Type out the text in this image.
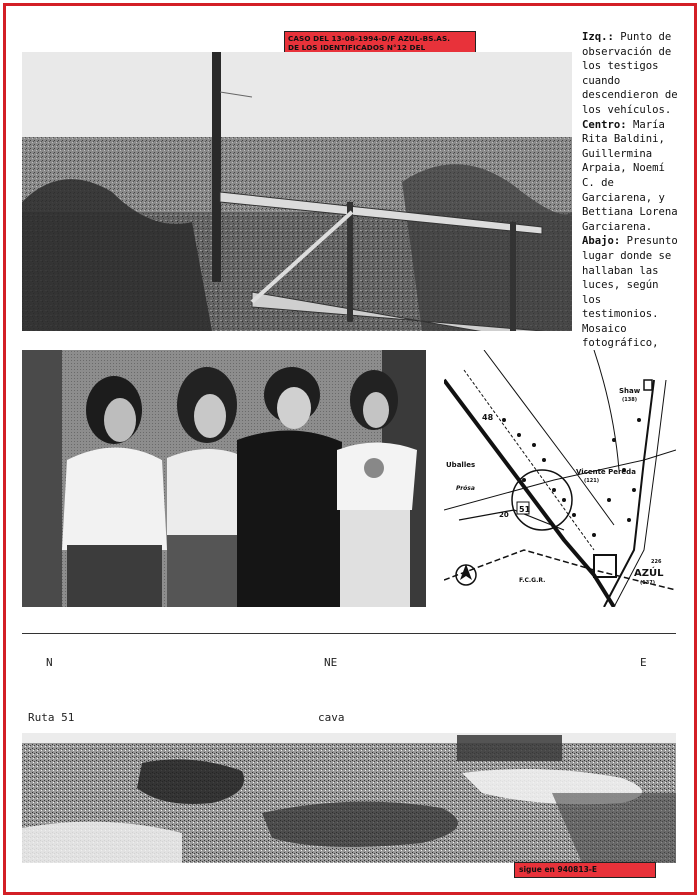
CASO DEL 13-08-1994-D/F AZUL-BS.AS.
DE LOS IDENTIFICADOS N°12 DEL

Izq.: Punto de observación de los testigos cuando descendieron de los vehículos.

Centro: María Rita Baldini, Guillermina Arpaia, Noemí C. de Garciarena, y Bettiana Lorena Garciarena.

Abajo: Presunto lugar donde se hallaban las luces, según los testimonios. Mosaico fotográfico,

Shaw
(138)
Uballes
Vicente Pereda
(121)
48
51
20
Prósa
AZÚL
(137)
F.C.G.R.
226
N	NE	E
Ruta 51	cava
sigue en 940813-E
